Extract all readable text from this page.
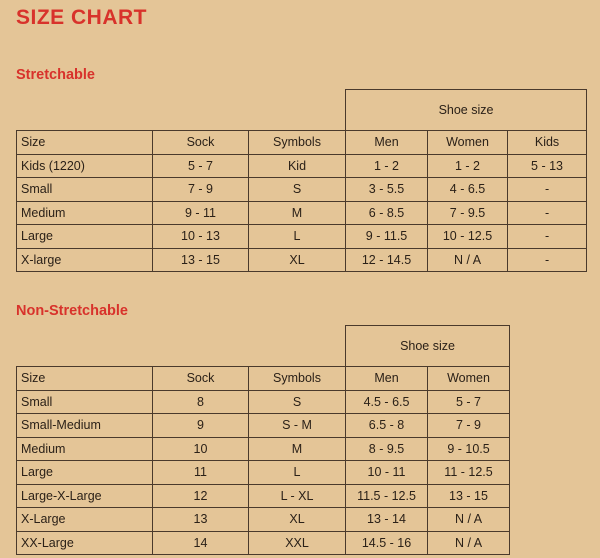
SIZE CHART
Stretchable
			Shoe size		
Size	Sock	Symbols	Men	Women	Kids
Kids (1220)	5 - 7	Kid	1 - 2	1 - 2	5 - 13
Small	7 - 9	S	3 - 5.5	4 - 6.5	-
Medium	9 - 11	M	6 - 8.5	7 - 9.5	-
Large	10 - 13	L	9 - 11.5	10 - 12.5	-
X-large	13 - 15	XL	12 - 14.5	N / A	-
Non-Stretchable
			Shoe size	
Size	Sock	Symbols	Men	Women
Small	8	S	4.5 - 6.5	5 - 7
Small-Medium	9	S - M	6.5 - 8	7 - 9
Medium	10	M	8 - 9.5	9 - 10.5
Large	11	L	10 - 11	11 - 12.5
Large-X-Large	12	L - XL	11.5 - 12.5	13 - 15
X-Large	13	XL	13 - 14	N / A
XX-Large	14	XXL	14.5 - 16	N / A
